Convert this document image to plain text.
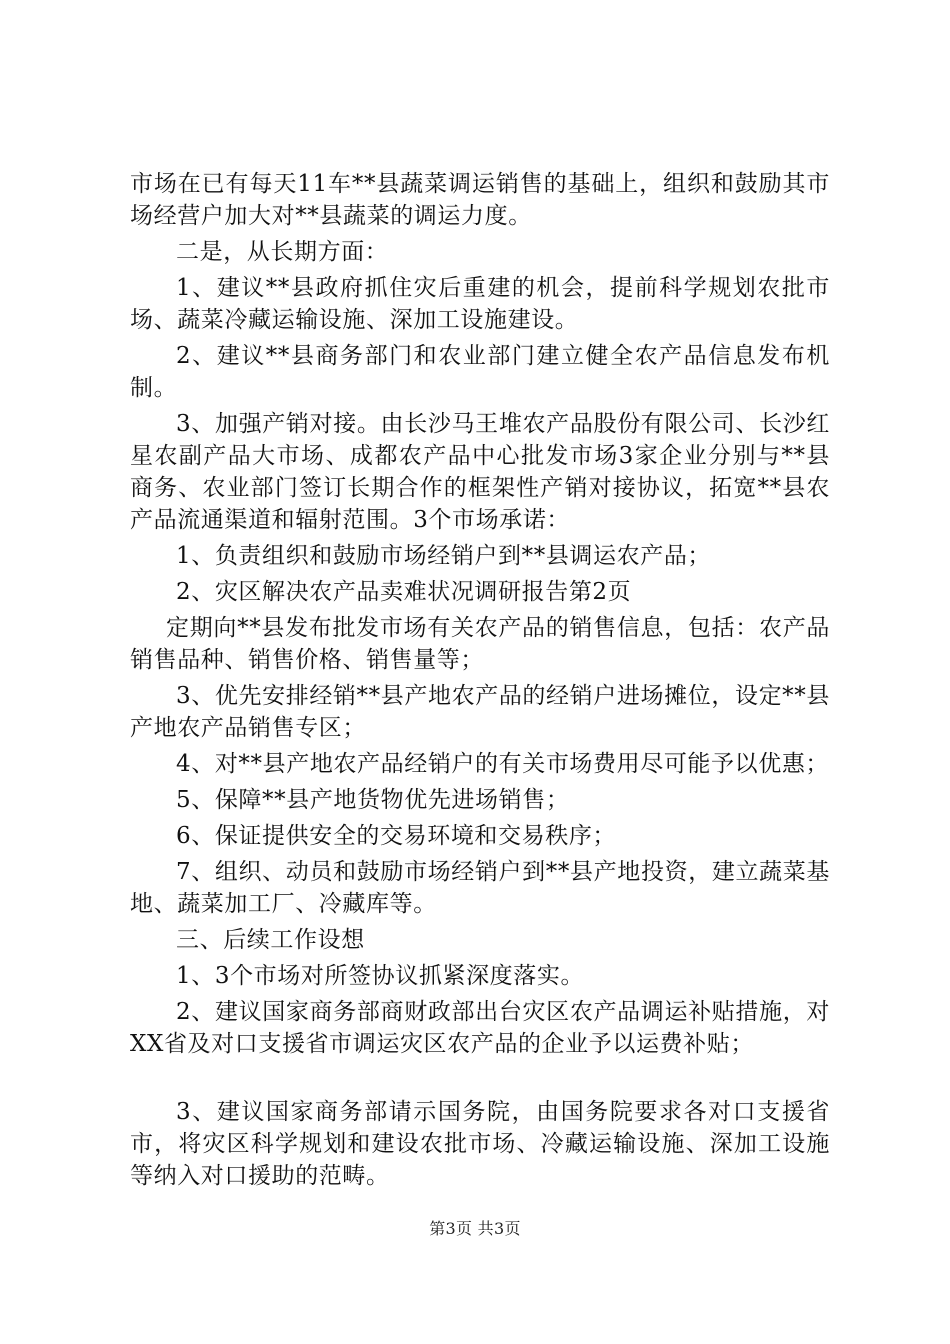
市场在已有每天11车**县蔬菜调运销售的基础上，组织和鼓励其市场经营户加大对**县蔬菜的调运力度。

二是，从长期方面：

1、建议**县政府抓住灾后重建的机会，提前科学规划农批市场、蔬菜冷藏运输设施、深加工设施建设。

2、建议**县商务部门和农业部门建立健全农产品信息发布机制。

3、加强产销对接。由长沙马王堆农产品股份有限公司、长沙红星农副产品大市场、成都农产品中心批发市场3家企业分别与**县商务、农业部门签订长期合作的框架性产销对接协议，拓宽**县农产品流通渠道和辐射范围。3个市场承诺：

1、负责组织和鼓励市场经销户到**县调运农产品；

2、灾区解决农产品卖难状况调研报告第2页

定期向**县发布批发市场有关农产品的销售信息，包括：农产品销售品种、销售价格、销售量等；

3、优先安排经销**县产地农产品的经销户进场摊位，设定**县产地农产品销售专区；

4、对**县产地农产品经销户的有关市场费用尽可能予以优惠；

5、保障**县产地货物优先进场销售；

6、保证提供安全的交易环境和交易秩序；

7、组织、动员和鼓励市场经销户到**县产地投资，建立蔬菜基地、蔬菜加工厂、冷藏库等。

三、后续工作设想

1、3个市场对所签协议抓紧深度落实。

2、建议国家商务部商财政部出台灾区农产品调运补贴措施，对XX省及对口支援省市调运灾区农产品的企业予以运费补贴；

3、建议国家商务部请示国务院，由国务院要求各对口支援省市，将灾区科学规划和建设农批市场、冷藏运输设施、深加工设施等纳入对口援助的范畴。

第3页 共3页
